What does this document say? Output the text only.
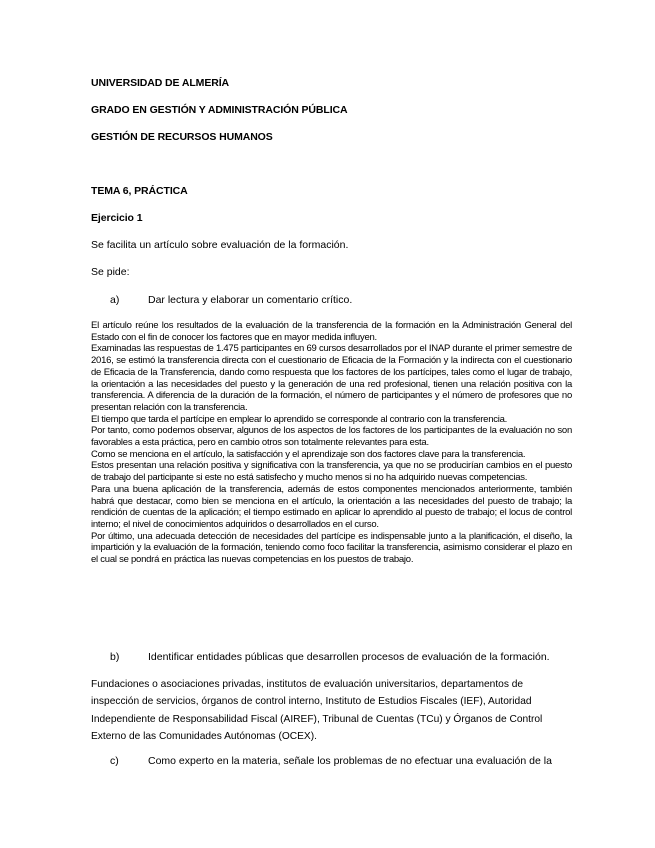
UNIVERSIDAD DE ALMERÍA
GRADO EN GESTIÓN Y ADMINISTRACIÓN PÚBLICA
GESTIÓN DE RECURSOS HUMANOS
TEMA 6, PRÁCTICA
Ejercicio 1
Se facilita un artículo sobre evaluación de la formación.
Se pide:
a)	Dar lectura y elaborar un comentario crítico.

El artículo reúne los resultados de la evaluación de la transferencia de la formación en la Administración General del Estado con el fin de conocer los factores que en mayor medida influyen.

Examinadas las respuestas de 1.475 participantes en 69 cursos desarrollados por el INAP durante el primer semestre de 2016, se estimó la transferencia directa con el cuestionario de Eficacia de la Formación y la indirecta con el cuestionario de Eficacia de la Transferencia, dando como respuesta que los factores de los partícipes, tales como el lugar de trabajo, la orientación a las necesidades del puesto y la generación de una red profesional, tienen una relación positiva con la transferencia. A diferencia de la duración de la formación, el número de participantes y el número de profesores que no presentan relación con la transferencia.

El tiempo que tarda el partícipe en emplear lo aprendido se corresponde al contrario con la transferencia.

Por tanto, como podemos observar, algunos de los aspectos de los factores de los participantes de la evaluación no son favorables a esta práctica, pero en cambio otros son totalmente relevantes para esta.

Como se menciona en el artículo, la satisfacción y el aprendizaje son dos factores clave para la transferencia.

Estos presentan una relación positiva y significativa con la transferencia, ya que no se producirían cambios en el puesto de trabajo del participante si este no está satisfecho y mucho menos si no ha adquirido nuevas competencias.

Para una buena aplicación de la transferencia, además de estos componentes mencionados anteriormente, también habrá que destacar, como bien se menciona en el artículo, la orientación a las necesidades del puesto de trabajo; la rendición de cuentas de la aplicación; el tiempo estimado en aplicar lo aprendido al puesto de trabajo; el locus de control interno; el nivel de conocimientos adquiridos o desarrollados en el curso.

Por último, una adecuada detección de necesidades del partícipe es indispensable junto a la planificación, el diseño, la impartición y la evaluación de la formación, teniendo como foco facilitar la transferencia, asimismo considerar el plazo en el cual se pondrá en práctica las nuevas competencias en los puestos de trabajo.

b)	Identificar entidades públicas que desarrollen procesos de evaluación de la formación.
Fundaciones o asociaciones privadas, institutos de evaluación universitarios, departamentos de inspección de servicios, órganos de control interno, Instituto de Estudios Fiscales (IEF), Autoridad Independiente de Responsabilidad Fiscal (AIREF), Tribunal de Cuentas (TCu) y Órganos de Control Externo de las Comunidades Autónomas (OCEX).
c)	Como experto en la materia, señale los problemas de no efectuar una evaluación de la
